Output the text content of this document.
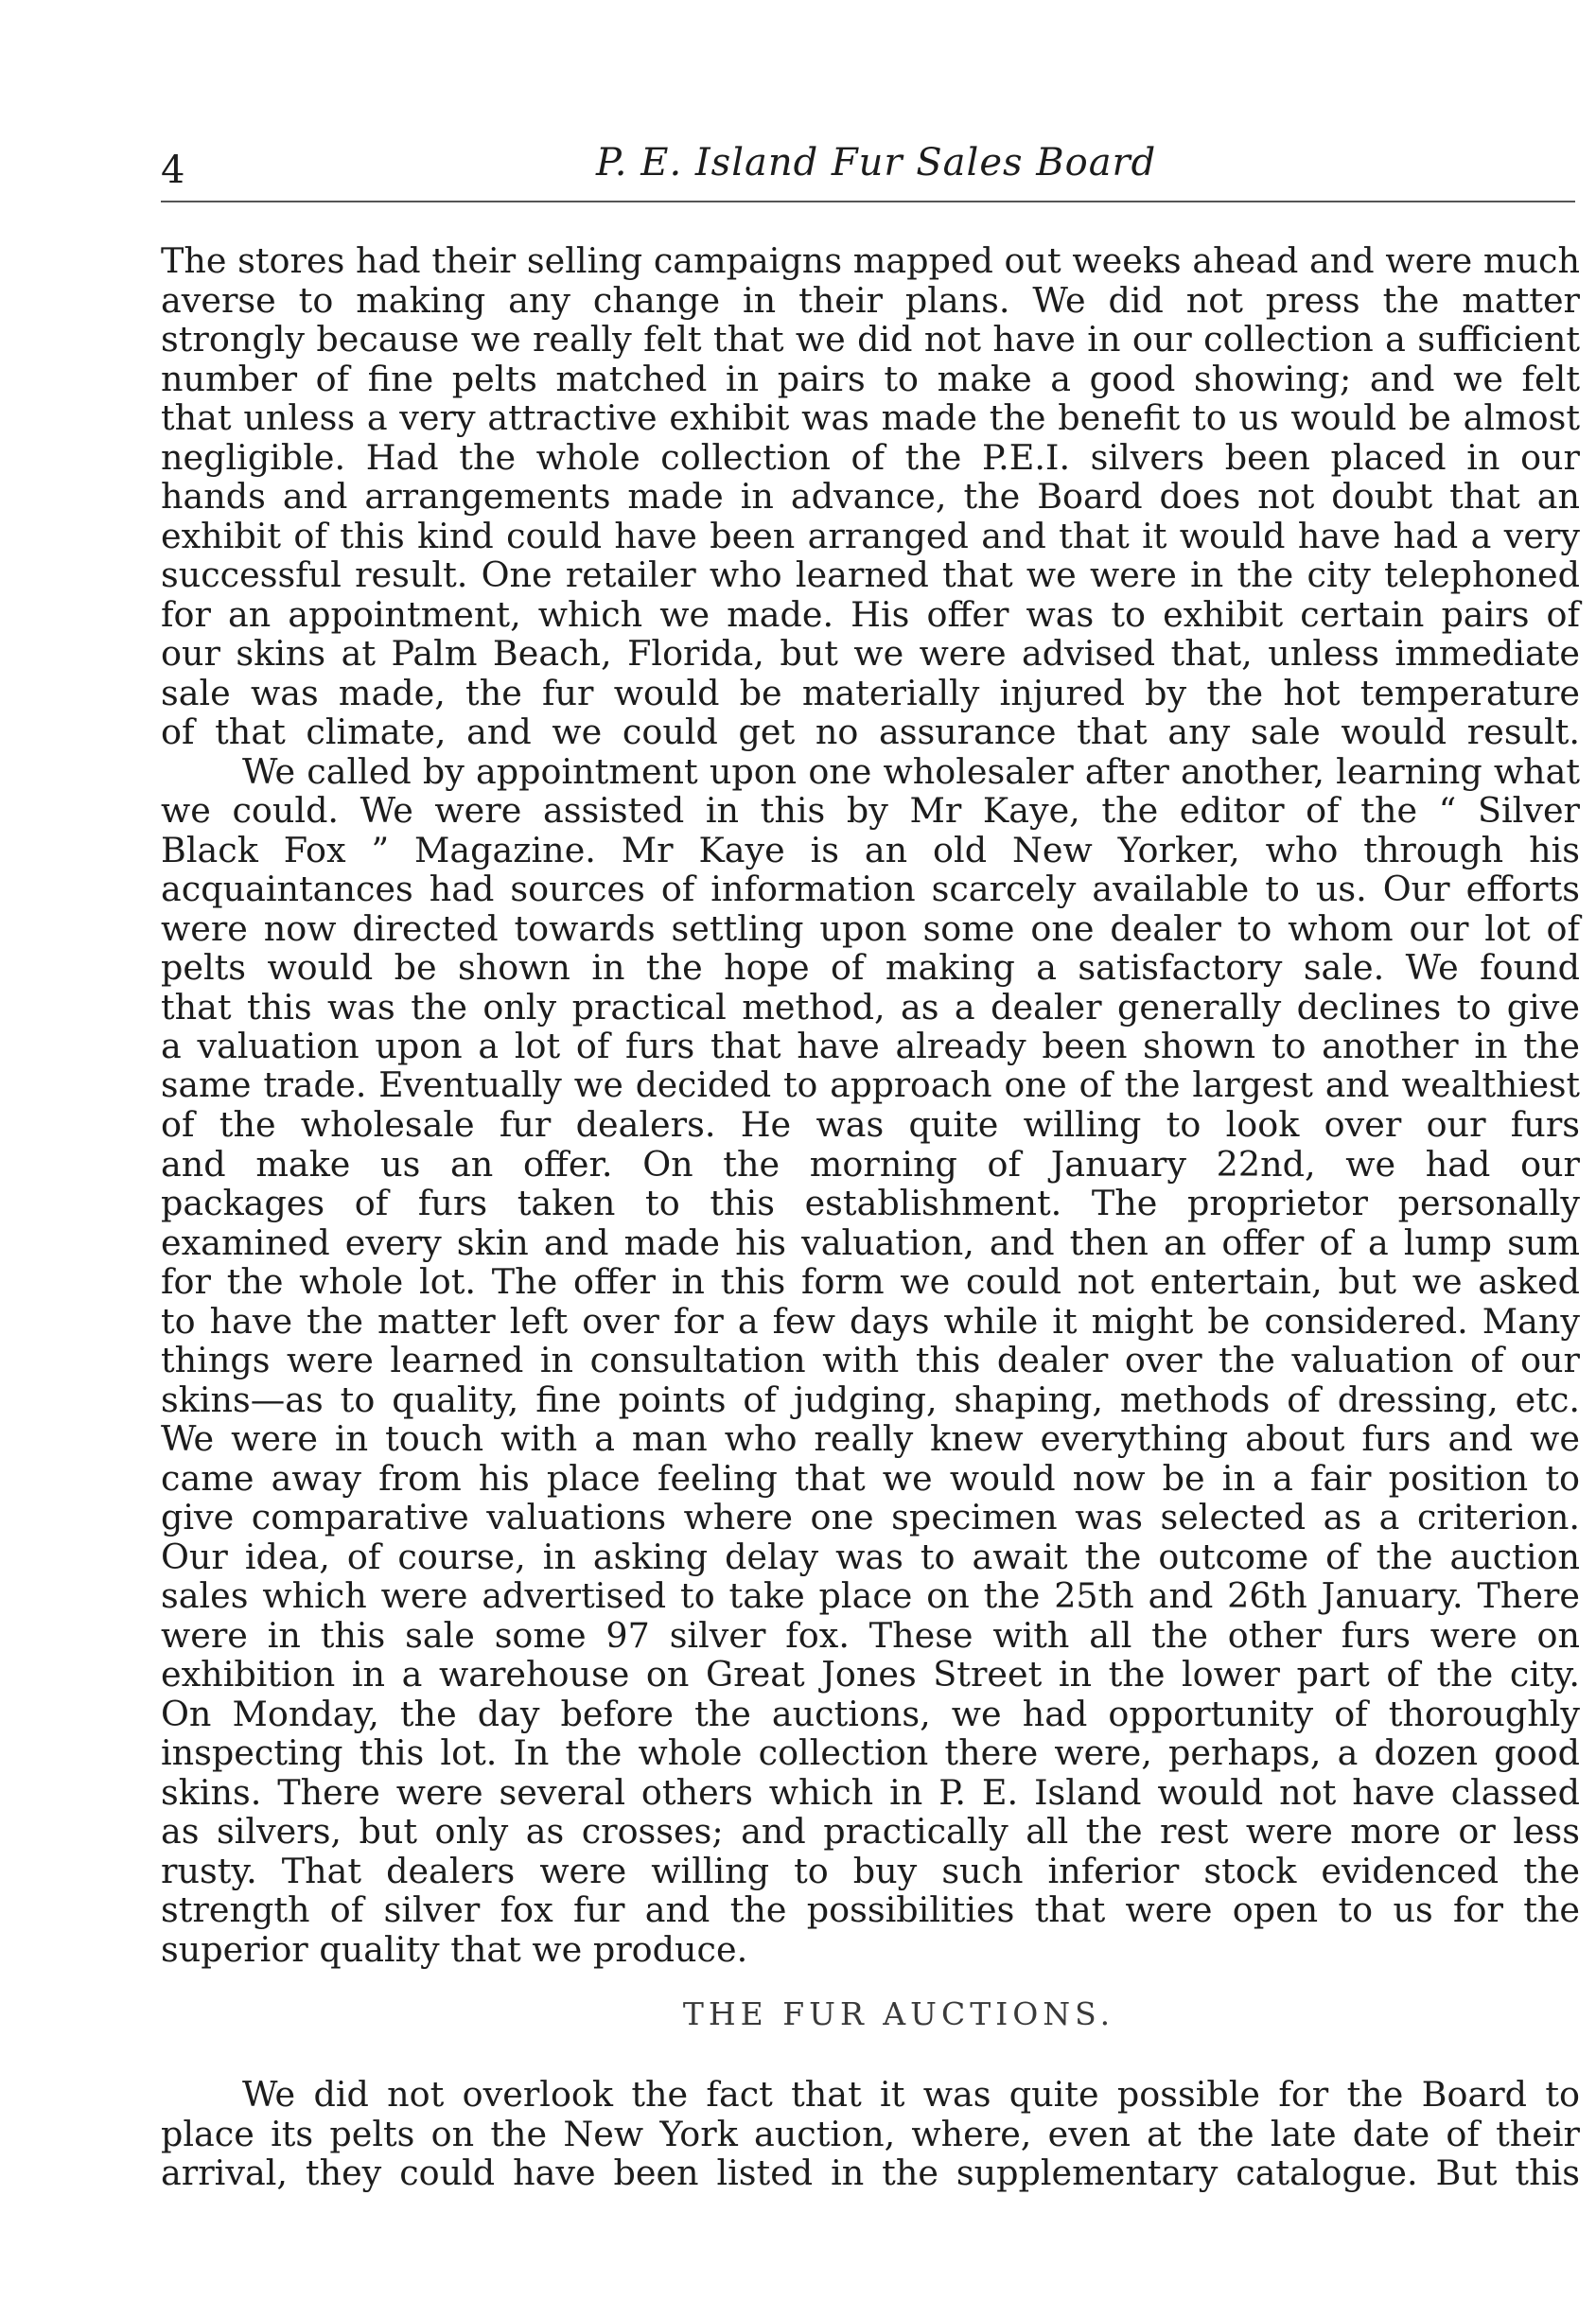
4	P. E. Island Fur Sales Board
The stores had their selling campaigns mapped out weeks ahead and were much
averse to making any change in their plans. We did not press the matter
strongly because we really felt that we did not have in our collection a sufficient
number of fine pelts matched in pairs to make a good showing; and we felt
that unless a very attractive exhibit was made the benefit to us would be almost
negligible. Had the whole collection of the P.E.I. silvers been placed in our
hands and arrangements made in advance, the Board does not doubt that an
exhibit of this kind could have been arranged and that it would have had a very
successful result. One retailer who learned that we were in the city telephoned
for an appointment, which we made. His offer was to exhibit certain pairs of
our skins at Palm Beach, Florida, but we were advised that, unless immediate
sale was made, the fur would be materially injured by the hot temperature
of that climate, and we could get no assurance that any sale would result.
We called by appointment upon one wholesaler after another, learning what
we could. We were assisted in this by Mr Kaye, the editor of the “ Silver
Black Fox ” Magazine. Mr Kaye is an old New Yorker, who through his
acquaintances had sources of information scarcely available to us. Our efforts
were now directed towards settling upon some one dealer to whom our lot of
pelts would be shown in the hope of making a satisfactory sale. We found
that this was the only practical method, as a dealer generally declines to give
a valuation upon a lot of furs that have already been shown to another in the
same trade. Eventually we decided to approach one of the largest and wealthiest
of the wholesale fur dealers. He was quite willing to look over our furs
and make us an offer. On the morning of January 22nd, we had our
packages of furs taken to this establishment. The proprietor personally
examined every skin and made his valuation, and then an offer of a lump sum
for the whole lot. The offer in this form we could not entertain, but we asked
to have the matter left over for a few days while it might be considered. Many
things were learned in consultation with this dealer over the valuation of our
skins—as to quality, fine points of judging, shaping, methods of dressing, etc.
We were in touch with a man who really knew everything about furs and we
came away from his place feeling that we would now be in a fair position to
give comparative valuations where one specimen was selected as a criterion.
Our idea, of course, in asking delay was to await the outcome of the auction
sales which were advertised to take place on the 25th and 26th January. There
were in this sale some 97 silver fox. These with all the other furs were on
exhibition in a warehouse on Great Jones Street in the lower part of the city.
On Monday, the day before the auctions, we had opportunity of thoroughly
inspecting this lot. In the whole collection there were, perhaps, a dozen good
skins. There were several others which in P. E. Island would not have classed
as silvers, but only as crosses; and practically all the rest were more or less
rusty. That dealers were willing to buy such inferior stock evidenced the
strength of silver fox fur and the possibilities that were open to us for the
superior quality that we produce.
THE FUR AUCTIONS.
We did not overlook the fact that it was quite possible for the Board to
place its pelts on the New York auction, where, even at the late date of their
arrival, they could have been listed in the supplementary catalogue. But this
